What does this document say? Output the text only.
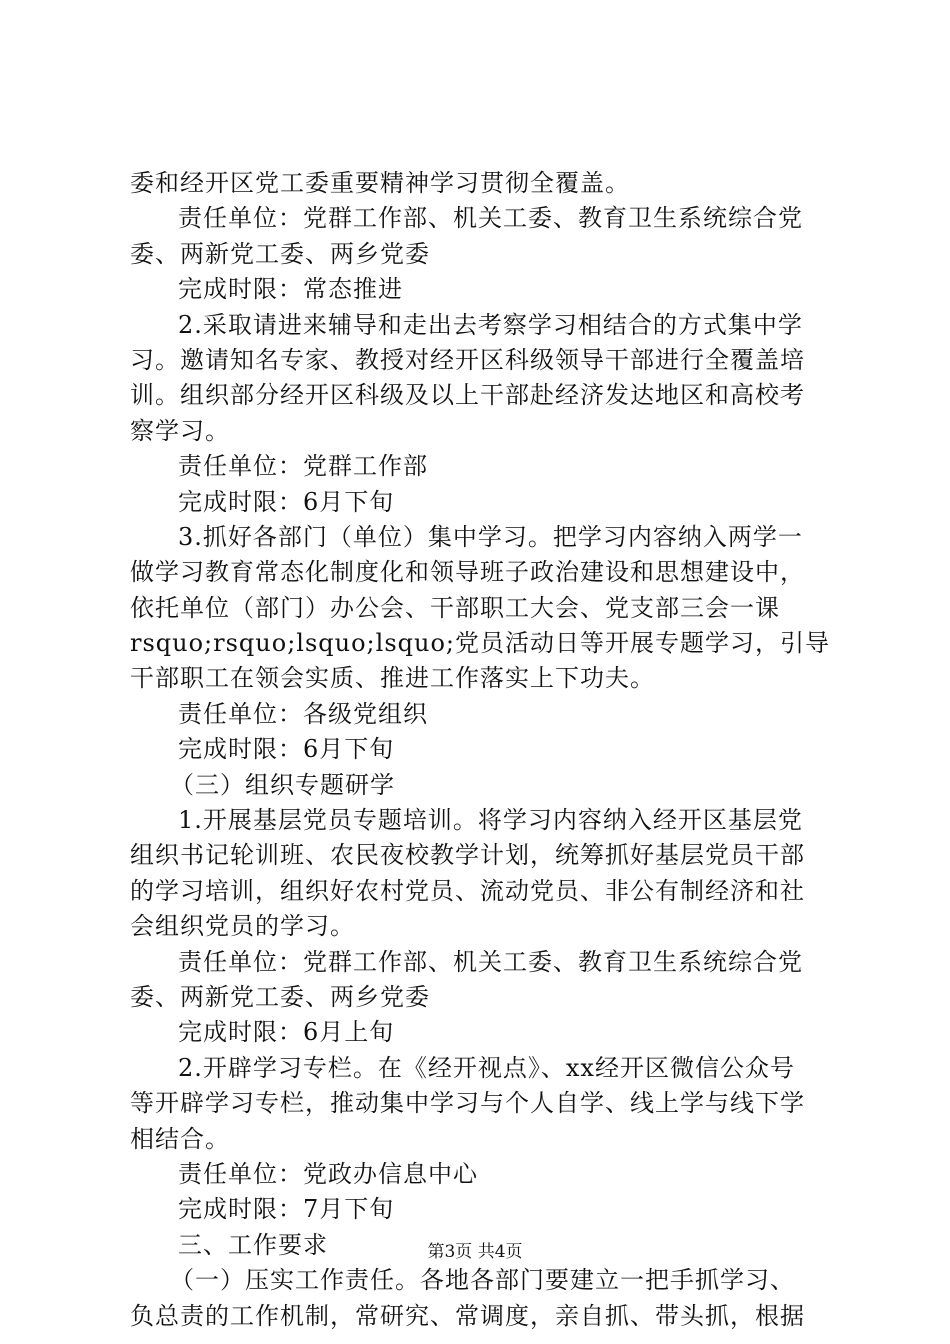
委和经开区党工委重要精神学习贯彻全覆盖。
责任单位：党群工作部、机关工委、教育卫生系统综合党
委、两新党工委、两乡党委
完成时限：常态推进
2.采取请进来辅导和走出去考察学习相结合的方式集中学
习。邀请知名专家、教授对经开区科级领导干部进行全覆盖培
训。组织部分经开区科级及以上干部赴经济发达地区和高校考
察学习。
责任单位：党群工作部
完成时限：6月下旬
3.抓好各部门（单位）集中学习。把学习内容纳入两学一
做学习教育常态化制度化和领导班子政治建设和思想建设中，
依托单位（部门）办公会、干部职工大会、党支部三会一课
rsquo;rsquo;lsquo;lsquo;党员活动日等开展专题学习，引导
干部职工在领会实质、推进工作落实上下功夫。
责任单位：各级党组织
完成时限：6月下旬
（三）组织专题研学
1.开展基层党员专题培训。将学习内容纳入经开区基层党
组织书记轮训班、农民夜校教学计划，统筹抓好基层党员干部
的学习培训，组织好农村党员、流动党员、非公有制经济和社
会组织党员的学习。
责任单位：党群工作部、机关工委、教育卫生系统综合党
委、两新党工委、两乡党委
完成时限：6月上旬
2.开辟学习专栏。在《经开视点》、xx经开区微信公众号
等开辟学习专栏，推动集中学习与个人自学、线上学与线下学
相结合。
责任单位：党政办信息中心
完成时限：7月下旬
三、工作要求
（一）压实工作责任。各地各部门要建立一把手抓学习、
负总责的工作机制，常研究、常调度，亲自抓、带头抓，根据
第3页 共4页
